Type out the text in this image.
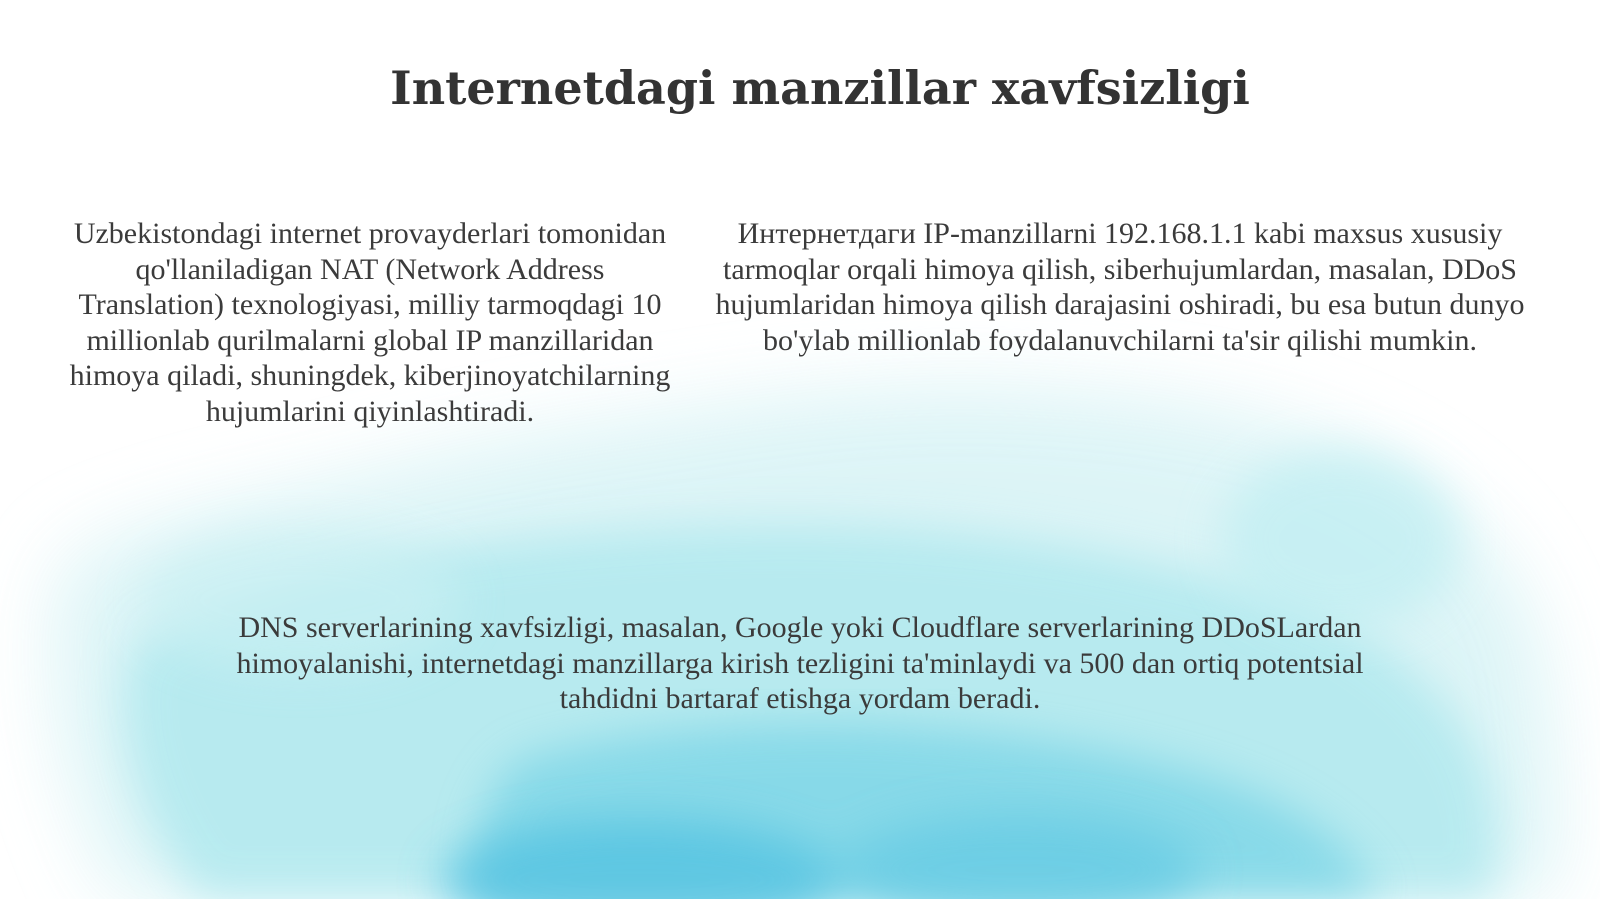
Internetdagi manzillar xavfsizligi

Uzbekistondagi internet provayderlari tomonidan qo'llaniladigan NAT (Network Address Translation) texnologiyasi, milliy tarmoqdagi 10 millionlab qurilmalarni global IP manzillaridan himoya qiladi, shuningdek, kiberjinoyatchilarning hujumlarini qiyinlashtiradi.

Интернетдаги IP-manzillarni 192.168.1.1 kabi maxsus xususiy tarmoqlar orqali himoya qilish, siberhujumlardan, masalan, DDoS hujumlaridan himoya qilish darajasini oshiradi, bu esa butun dunyo bo'ylab millionlab foydalanuvchilarni ta'sir qilishi mumkin.

DNS serverlarining xavfsizligi, masalan, Google yoki Cloudflare serverlarining DDoSLardan himoyalanishi, internetdagi manzillarga kirish tezligini ta'minlaydi va 500 dan ortiq potentsial tahdidni bartaraf etishga yordam beradi.
